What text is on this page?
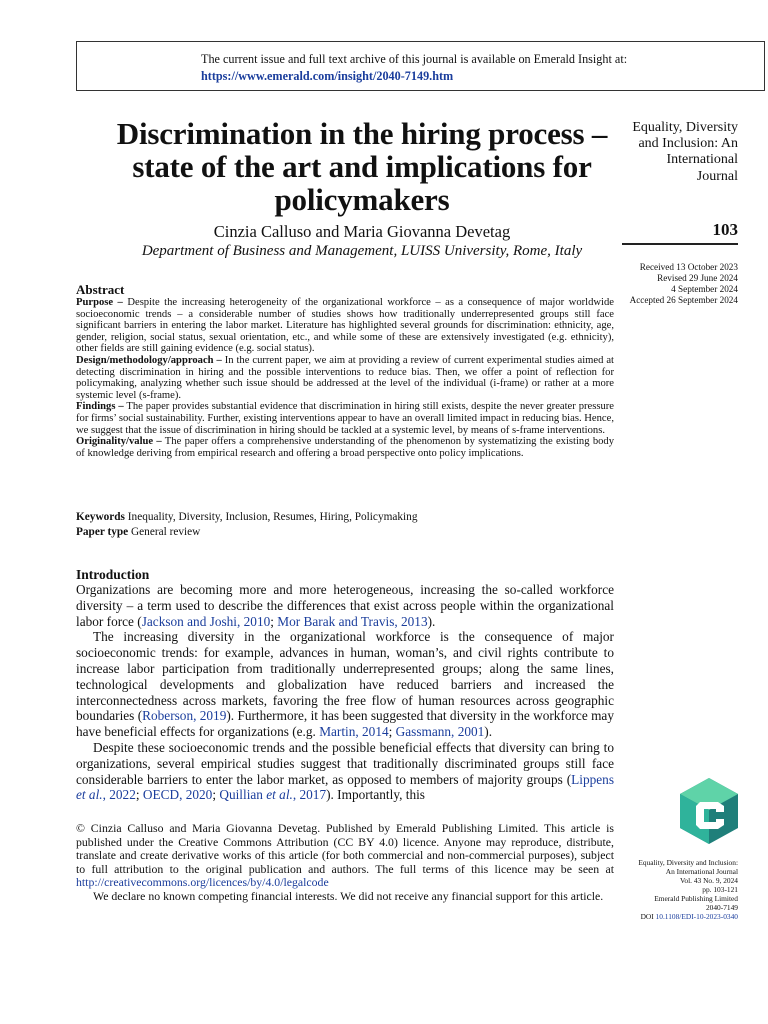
The current issue and full text archive of this journal is available on Emerald Insight at:
https://www.emerald.com/insight/2040-7149.htm
Discrimination in the hiring process – state of the art and implications for policymakers
Cinzia Calluso and Maria Giovanna Devetag
Department of Business and Management, LUISS University, Rome, Italy
Equality, Diversity and Inclusion: An International Journal
103
Received 13 October 2023
Revised 29 June 2024
4 September 2024
Accepted 26 September 2024
Abstract

Purpose – Despite the increasing heterogeneity of the organizational workforce – as a consequence of major worldwide socioeconomic trends – a considerable number of studies shows how traditionally underrepresented groups still face significant barriers in entering the labor market. Literature has highlighted several grounds for discrimination: ethnicity, age, gender, religion, social status, sexual orientation, etc., and while some of these are extensively investigated (e.g. ethnicity), other fields are still gaining evidence (e.g. social status).

Design/methodology/approach – In the current paper, we aim at providing a review of current experimental studies aimed at detecting discrimination in hiring and the possible interventions to reduce bias. Then, we offer a point of reflection for policymaking, analyzing whether such issue should be addressed at the level of the individual (i-frame) or rather at a more systemic level (s-frame).

Findings – The paper provides substantial evidence that discrimination in hiring still exists, despite the never greater pressure for firms’ social sustainability. Further, existing interventions appear to have an overall limited impact in reducing bias. Hence, we suggest that the issue of discrimination in hiring should be tackled at a systemic level, by means of s-frame interventions.

Originality/value – The paper offers a comprehensive understanding of the phenomenon by systematizing the existing body of knowledge deriving from empirical research and offering a broad perspective onto policy implications.

Keywords Inequality, Diversity, Inclusion, Resumes, Hiring, Policymaking
Paper type General review
Introduction

Organizations are becoming more and more heterogeneous, increasing the so-called workforce diversity – a term used to describe the differences that exist across people within the organizational labor force (Jackson and Joshi, 2010; Mor Barak and Travis, 2013).

The increasing diversity in the organizational workforce is the consequence of major socioeconomic trends: for example, advances in human, woman’s, and civil rights contribute to increase labor participation from traditionally underrepresented groups; along the same lines, technological developments and globalization have reduced barriers and increased the interconnectedness across markets, favoring the free flow of human resources across geographic boundaries (Roberson, 2019). Furthermore, it has been suggested that diversity in the workforce may have beneficial effects for organizations (e.g. Martin, 2014; Gassmann, 2001).

Despite these socioeconomic trends and the possible beneficial effects that diversity can bring to organizations, several empirical studies suggest that traditionally discriminated groups still face considerable barriers to enter the labor market, as opposed to members of majority groups (Lippens et al., 2022; OECD, 2020; Quillian et al., 2017). Importantly, this

© Cinzia Calluso and Maria Giovanna Devetag. Published by Emerald Publishing Limited. This article is published under the Creative Commons Attribution (CC BY 4.0) licence. Anyone may reproduce, distribute, translate and create derivative works of this article (for both commercial and non-commercial purposes), subject to full attribution to the original publication and authors. The full terms of this licence may be seen at http://creativecommons.org/licences/by/4.0/legalcode

We declare no known competing financial interests. We did not receive any financial support for this article.

Equality, Diversity and Inclusion:
An International Journal
Vol. 43 No. 9, 2024
pp. 103-121
Emerald Publishing Limited
2040-7149
DOI 10.1108/EDI-10-2023-0340
